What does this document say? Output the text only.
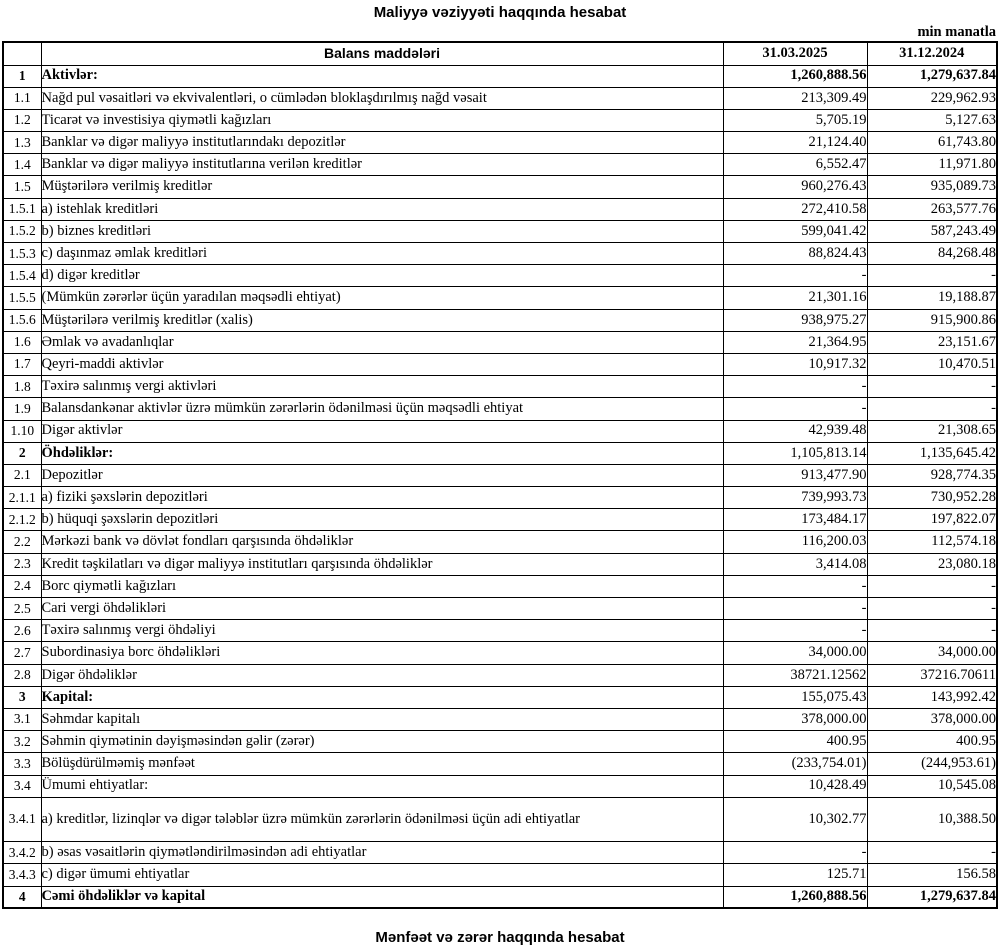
Maliyyə vəziyyəti haqqında hesabat
min manatla
	Balans maddələri	31.03.2025	31.12.2024
1	Aktivlər:	1,260,888.56	1,279,637.84
1.1	Nağd pul vəsaitləri və ekvivalentləri, o cümlədən bloklaşdırılmış nağd vəsait	213,309.49	229,962.93
1.2	Ticarət və investisiya qiymətli kağızları	5,705.19	5,127.63
1.3	Banklar və digər maliyyə institutlarındakı depozitlər	21,124.40	61,743.80
1.4	Banklar və digər maliyyə institutlarına verilən kreditlər	6,552.47	11,971.80
1.5	Müştərilərə verilmiş kreditlər	960,276.43	935,089.73
1.5.1	a) istehlak kreditləri	272,410.58	263,577.76
1.5.2	b) biznes kreditləri	599,041.42	587,243.49
1.5.3	c) daşınmaz əmlak kreditləri	88,824.43	84,268.48
1.5.4	d) digər kreditlər	-	-
1.5.5	(Mümkün zərərlər üçün yaradılan məqsədli ehtiyat)	21,301.16	19,188.87
1.5.6	Müştərilərə verilmiş kreditlər (xalis)	938,975.27	915,900.86
1.6	Əmlak və avadanlıqlar	21,364.95	23,151.67
1.7	Qeyri-maddi aktivlər	10,917.32	10,470.51
1.8	Təxirə salınmış vergi aktivləri	-	-
1.9	Balansdankənar aktivlər üzrə mümkün zərərlərin ödənilməsi üçün məqsədli ehtiyat	-	-
1.10	Digər aktivlər	42,939.48	21,308.65
2	Öhdəliklər:	1,105,813.14	1,135,645.42
2.1	Depozitlər	913,477.90	928,774.35
2.1.1	a) fiziki şəxslərin depozitləri	739,993.73	730,952.28
2.1.2	b) hüquqi şəxslərin depozitləri	173,484.17	197,822.07
2.2	Mərkəzi bank və dövlət fondları qarşısında öhdəliklər	116,200.03	112,574.18
2.3	Kredit təşkilatları və digər maliyyə institutları qarşısında öhdəliklər	3,414.08	23,080.18
2.4	Borc qiymətli kağızları	-	-
2.5	Cari vergi öhdəlikləri	-	-
2.6	Təxirə salınmış vergi öhdəliyi	-	-
2.7	Subordinasiya borc öhdəlikləri	34,000.00	34,000.00
2.8	Digər öhdəliklər	38721.12562	37216.70611
3	Kapital:	155,075.43	143,992.42
3.1	Səhmdar kapitalı	378,000.00	378,000.00
3.2	Səhmin qiymətinin dəyişməsindən gəlir (zərər)	400.95	400.95
3.3	Bölüşdürülməmiş mənfəət	(233,754.01)	(244,953.61)
3.4	Ümumi ehtiyatlar:	10,428.49	10,545.08
3.4.1	a) kreditlər, lizinqlər və digər tələblər üzrə mümkün zərərlərin ödənilməsi üçün adi ehtiyatlar	10,302.77	10,388.50
3.4.2	b) əsas vəsaitlərin qiymətləndirilməsindən adi ehtiyatlar	-	-
3.4.3	c) digər ümumi ehtiyatlar	125.71	156.58
4	Cəmi öhdəliklər və kapital	1,260,888.56	1,279,637.84
Mənfəət və zərər haqqında hesabat
